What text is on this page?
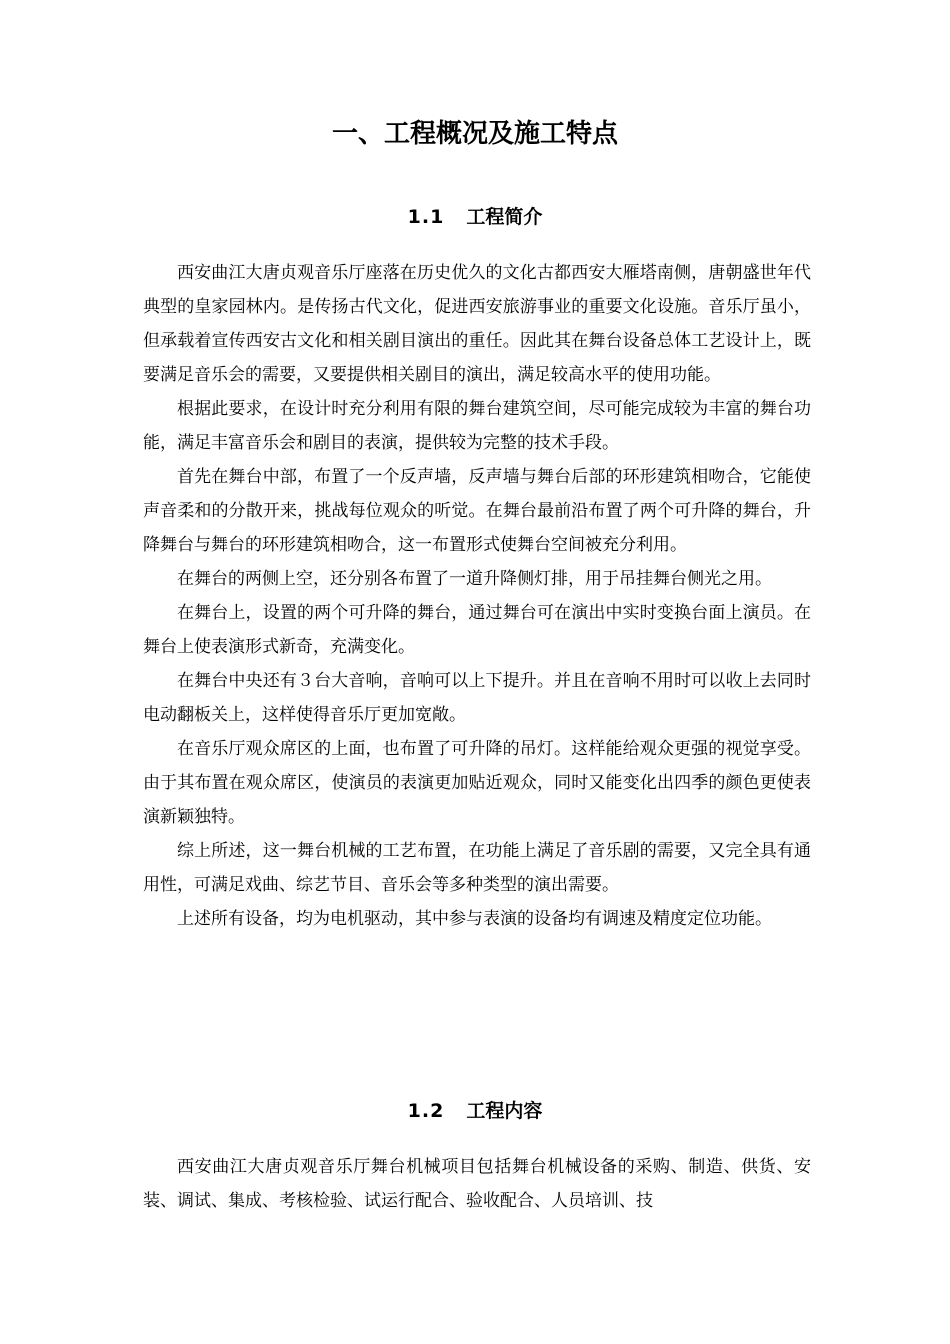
一、工程概况及施工特点
1.1 工程简介

西安曲江大唐贞观音乐厅座落在历史优久的文化古都西安大雁塔南侧，唐朝盛世年代典型的皇家园林内。是传扬古代文化，促进西安旅游事业的重要文化设施。音乐厅虽小，但承载着宣传西安古文化和相关剧目演出的重任。因此其在舞台设备总体工艺设计上，既要满足音乐会的需要，又要提供相关剧目的演出，满足较高水平的使用功能。

根据此要求，在设计时充分利用有限的舞台建筑空间，尽可能完成较为丰富的舞台功能，满足丰富音乐会和剧目的表演，提供较为完整的技术手段。

首先在舞台中部，布置了一个反声墙，反声墙与舞台后部的环形建筑相吻合，它能使声音柔和的分散开来，挑战每位观众的听觉。在舞台最前沿布置了两个可升降的舞台，升降舞台与舞台的环形建筑相吻合，这一布置形式使舞台空间被充分利用。

在舞台的两侧上空，还分别各布置了一道升降侧灯排，用于吊挂舞台侧光之用。

在舞台上，设置的两个可升降的舞台，通过舞台可在演出中实时变换台面上演员。在舞台上使表演形式新奇，充满变化。

在舞台中央还有３台大音响，音响可以上下提升。并且在音响不用时可以收上去同时电动翻板关上，这样使得音乐厅更加宽敞。

在音乐厅观众席区的上面，也布置了可升降的吊灯。这样能给观众更强的视觉享受。由于其布置在观众席区，使演员的表演更加贴近观众，同时又能变化出四季的颜色更使表演新颖独特。

综上所述，这一舞台机械的工艺布置，在功能上满足了音乐剧的需要，又完全具有通用性，可满足戏曲、综艺节目、音乐会等多种类型的演出需要。

上述所有设备，均为电机驱动，其中参与表演的设备均有调速及精度定位功能。

1.2 工程内容

西安曲江大唐贞观音乐厅舞台机械项目包括舞台机械设备的采购、制造、供货、安装、调试、集成、考核检验、试运行配合、验收配合、人员培训、技
